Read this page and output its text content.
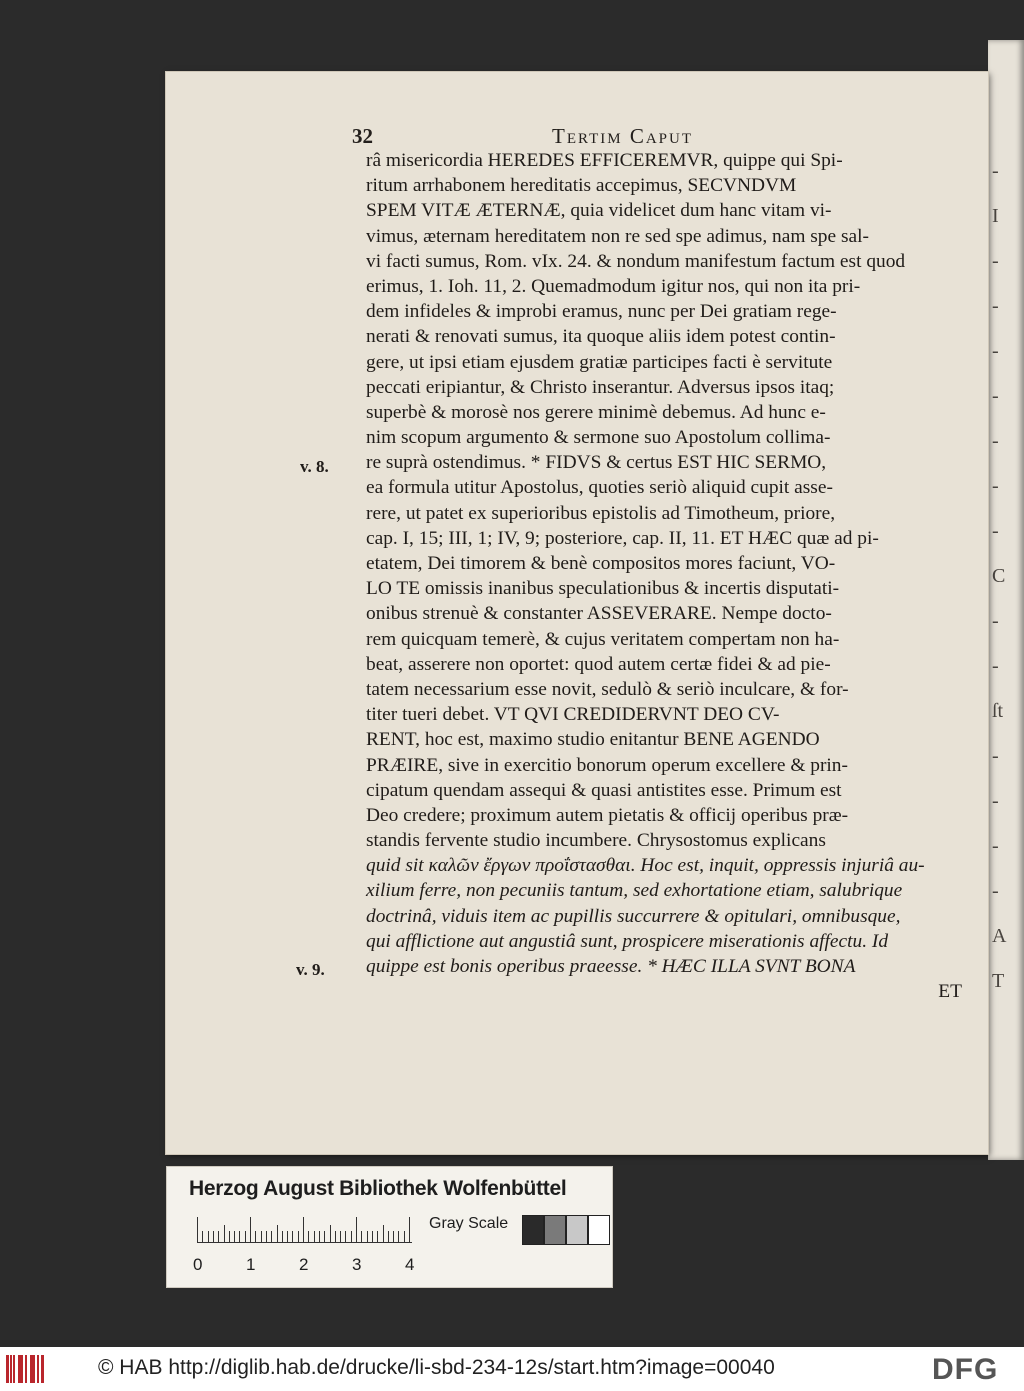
-
I
-
-
-
-
-
-
-
C
-
-
ſt
-
-
-
-
A
T
32	Tertim Caput
v. 8.
v. 9.
râ misericordia HEREDES EFFICEREMVR, quippe qui Spi-
ritum arrhabonem hereditatis accepimus, SECVNDVM
SPEM VITÆ ÆTERNÆ, quia videlicet dum hanc vitam vi-
vimus, æternam hereditatem non re sed spe adimus, nam spe sal-
vi facti sumus, Rom. vIx. 24. & nondum manifestum factum est quod
erimus, 1. Ioh. 11, 2. Quemadmodum igitur nos, qui non ita pri-
dem infideles & improbi eramus, nunc per Dei gratiam rege-
nerati & renovati sumus, ita quoque aliis idem potest contin-
gere, ut ipsi etiam ejusdem gratiæ participes facti è servitute
peccati eripiantur, & Christo inserantur. Adversus ipsos itaq;
superbè & morosè nos gerere minimè debemus. Ad hunc e-
nim scopum argumento & sermone suo Apostolum collima-
re suprà ostendimus. * FIDVS & certus EST HIC SERMO,
ea formula utitur Apostolus, quoties seriò aliquid cupit asse-
rere, ut patet ex superioribus epistolis ad Timotheum, priore,
cap. I, 15; III, 1; IV, 9; posteriore, cap. II, 11. ET HÆC quæ ad pi-
etatem, Dei timorem & benè compositos mores faciunt, VO-
LO TE omissis inanibus speculationibus & incertis disputati-
onibus strenuè & constanter ASSEVERARE. Nempe docto-
rem quicquam temerè, & cujus veritatem compertam non ha-
beat, asserere non oportet: quod autem certæ fidei & ad pie-
tatem necessarium esse novit, sedulò & seriò inculcare, & for-
titer tueri debet. VT QVI CREDIDERVNT DEO CV-
RENT, hoc est, maximo studio enitantur BENE AGENDO
PRÆIRE, sive in exercitio bonorum operum excellere & prin-
cipatum quendam assequi & quasi antistites esse. Primum est
Deo credere; proximum autem pietatis & officij operibus præ-
standis fervente studio incumbere. Chrysostomus explicans
quid sit καλῶν ἔργων προΐστασθαι. Hoc est, inquit, oppressis injuriâ au-
xilium ferre, non pecuniis tantum, sed exhortatione etiam, salubrique
doctrinâ, viduis item ac pupillis succurrere & opitulari, omnibusque,
qui afflictione aut angustiâ sunt, prospicere miserationis affectu. Id
quippe est bonis operibus praeesse. * HÆC ILLA SVNT BONA
ET
Herzog August Bibliothek Wolfenbüttel
0	1	2	3	4
Gray Scale
© HAB http://diglib.hab.de/drucke/li-sbd-234-12s/start.htm?image=00040	DFG
